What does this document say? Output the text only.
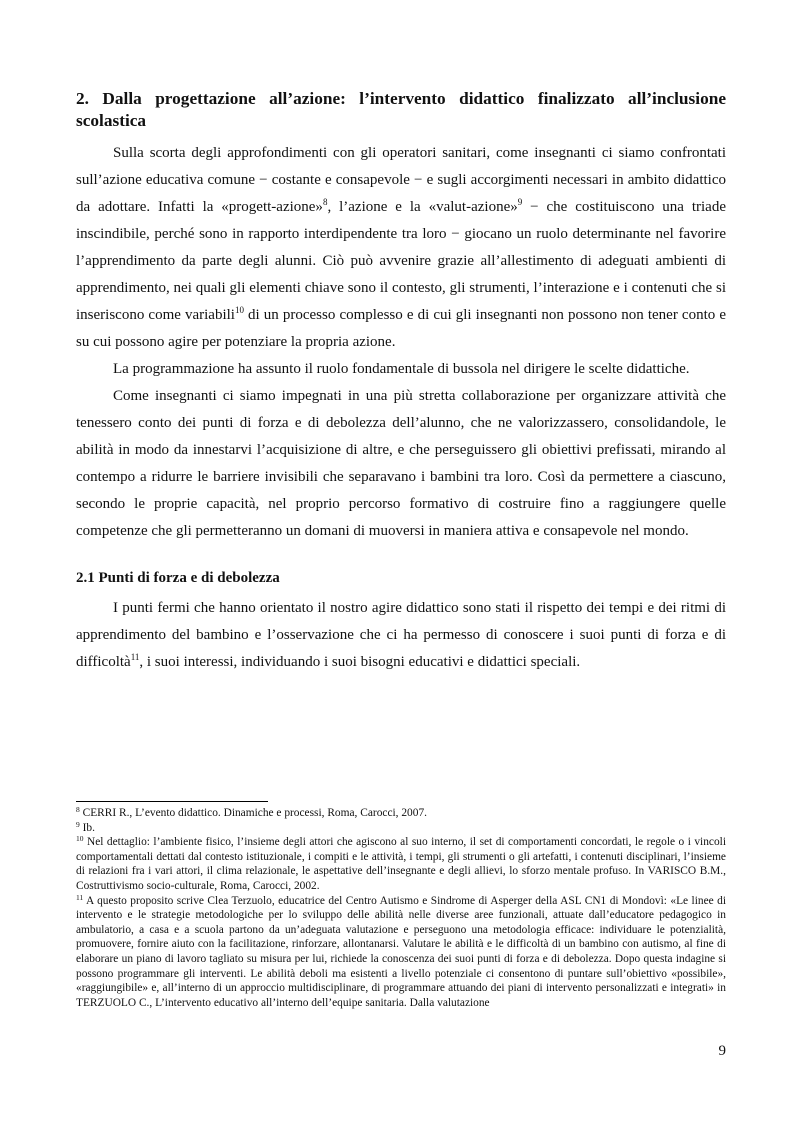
2. Dalla progettazione all’azione: l’intervento didattico finalizzato all’inclusione scolastica

Sulla scorta degli approfondimenti con gli operatori sanitari, come insegnanti ci siamo confrontati sull’azione educativa comune − costante e consapevole − e sugli accorgimenti necessari in ambito didattico da adottare. Infatti la «progett-azione»$^8$, l’azione e la «valut-azione»$^9$ − che costituiscono una triade inscindibile, perché sono in rapporto interdipendente tra loro − giocano un ruolo determinante nel favorire l’apprendimento da parte degli alunni. Ciò può avvenire grazie all’allestimento di adeguati ambienti di apprendimento, nei quali gli elementi chiave sono il contesto, gli strumenti, l’interazione e i contenuti che si inseriscono come variabili$^{10}$ di un processo complesso e di cui gli insegnanti non possono non tener conto e su cui possono agire per potenziare la propria azione.

La programmazione ha assunto il ruolo fondamentale di bussola nel dirigere le scelte didattiche.

Come insegnanti ci siamo impegnati in una più stretta collaborazione per organizzare attività che tenessero conto dei punti di forza e di debolezza dell’alunno, che ne valorizzassero, consolidandole, le abilità in modo da innestarvi l’acquisizione di altre, e che perseguissero gli obiettivi prefissati, mirando al contempo a ridurre le barriere invisibili che separavano i bambini tra loro. Così da permettere a ciascuno, secondo le proprie capacità, nel proprio percorso formativo di costruire fino a raggiungere quelle competenze che gli permetteranno un domani di muoversi in maniera attiva e consapevole nel mondo.

2.1 Punti di forza e di debolezza

I punti fermi che hanno orientato il nostro agire didattico sono stati il rispetto dei tempi e dei ritmi di apprendimento del bambino e l’osservazione che ci ha permesso di conoscere i suoi punti di forza e di difficoltà$^{11}$, i suoi interessi, individuando i suoi bisogni educativi e didattici speciali.

$^8$ CERRI R., L’evento didattico. Dinamiche e processi, Roma, Carocci, 2007.

$^9$ Ib.

$^{10}$ Nel dettaglio: l’ambiente fisico, l’insieme degli attori che agiscono al suo interno, il set di comportamenti concordati, le regole o i vincoli comportamentali dettati dal contesto istituzionale, i compiti e le attività, i tempi, gli strumenti o gli artefatti, i contenuti disciplinari, l’insieme di relazioni fra i vari attori, il clima relazionale, le aspettative dell’insegnante e degli allievi, lo sforzo mentale profuso. In VARISCO B.M., Costruttivismo socio-culturale, Roma, Carocci, 2002.

$^{11}$ A questo proposito scrive Clea Terzuolo, educatrice del Centro Autismo e Sindrome di Asperger della ASL CN1 di Mondovì: «Le linee di intervento e le strategie metodologiche per lo sviluppo delle abilità nelle diverse aree funzionali, attuate dall’educatore pedagogico in ambulatorio, a casa e a scuola partono da un’adeguata valutazione e perseguono una metodologia efficace: individuare le potenzialità, promuovere, fornire aiuto con la facilitazione, rinforzare, allontanarsi. Valutare le abilità e le difficoltà di un bambino con autismo, al fine di elaborare un piano di lavoro tagliato su misura per lui, richiede la conoscenza dei suoi punti di forza e di debolezza. Dopo questa indagine si possono programmare gli interventi. Le abilità deboli ma esistenti a livello potenziale ci consentono di puntare sull’obiettivo «possibile», «raggiungibile» e, all’interno di un approccio multidisciplinare, di programmare attuando dei piani di intervento personalizzati e integrati» in TERZUOLO C., L’intervento educativo all’interno dell’equipe sanitaria. Dalla valutazione

9
